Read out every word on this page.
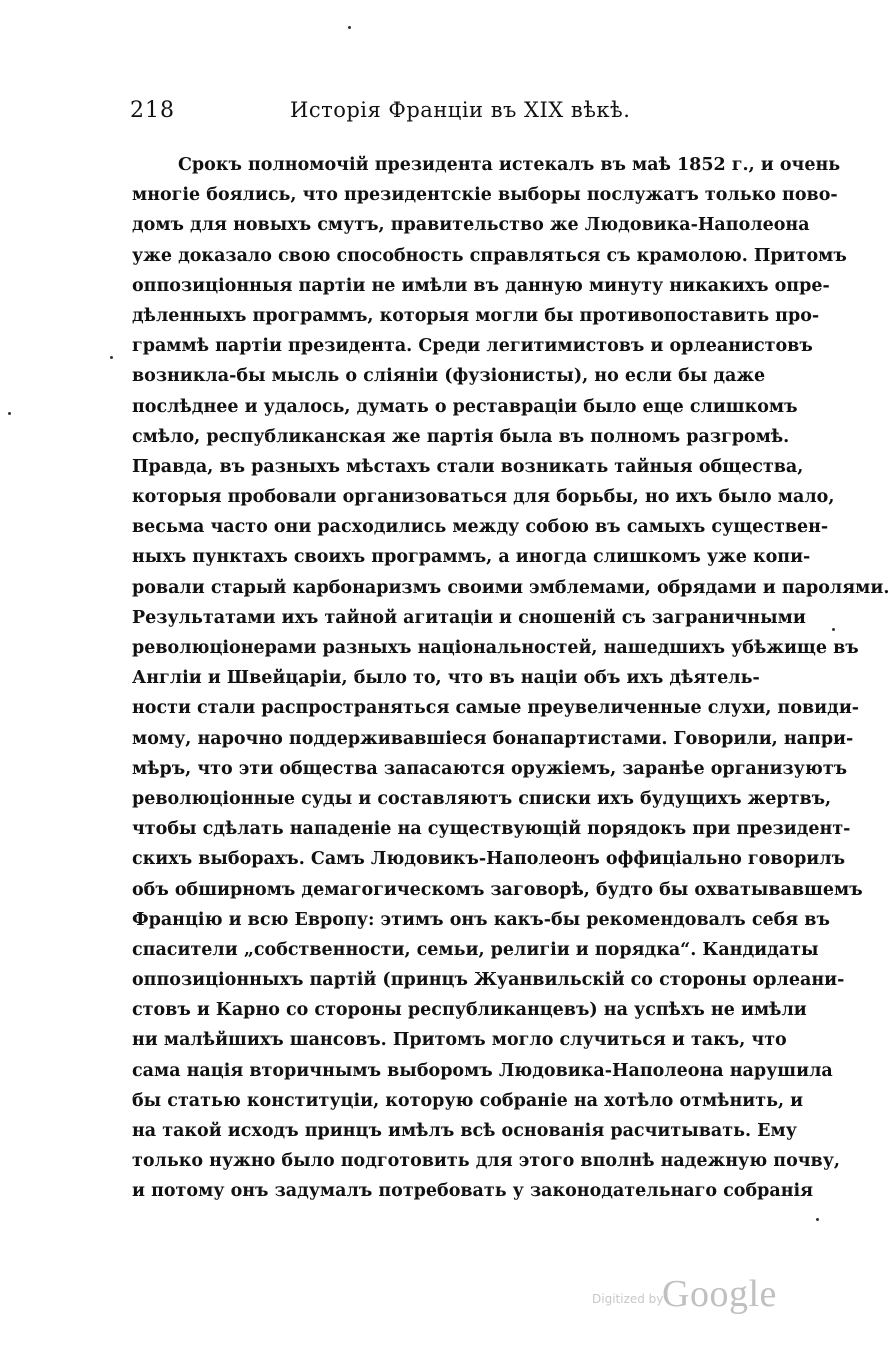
218	Исторія Франціи въ XIX вѣкѣ.
Срокъ полномочій президента истекалъ въ маѣ 1852 г., и очень
многіе боялись, что президентскіе выборы послужатъ только пово-
домъ для новыхъ смутъ, правительство же Людовика-Наполеона
уже доказало свою способность справляться съ крамолою. Притомъ
оппозиціонныя партіи не имѣли въ данную минуту никакихъ опре-
дѣленныхъ программъ, которыя могли бы противопоставить про-
граммѣ партіи президента. Среди легитимистовъ и орлеанистовъ
возникла-бы мысль о сліяніи (фузіонисты), но если бы даже
послѣднее и удалось, думать о реставраціи было еще слишкомъ
смѣло, республиканская же партія была въ полномъ разгромѣ.
Правда, въ разныхъ мѣстахъ стали возникать тайныя общества,
которыя пробовали организоваться для борьбы, но ихъ было мало,
весьма часто они расходились между собою въ самыхъ существен-
ныхъ пунктахъ своихъ программъ, а иногда слишкомъ уже копи-
ровали старый карбонаризмъ своими эмблемами, обрядами и паролями.
Результатами ихъ тайной агитаціи и сношеній съ заграничными
революціонерами разныхъ національностей, нашедшихъ убѣжище въ
Англіи и Швейцаріи, было то, что въ націи объ ихъ дѣятель-
ности стали распространяться самые преувеличенные слухи, повиди-
мому, нарочно поддерживавшіеся бонапартистами. Говорили, напри-
мѣръ, что эти общества запасаются оружіемъ, заранѣе организуютъ
революціонные суды и составляютъ списки ихъ будущихъ жертвъ,
чтобы сдѣлать нападеніе на существующій порядокъ при президент-
скихъ выборахъ. Самъ Людовикъ-Наполеонъ оффиціально говорилъ
объ обширномъ демагогическомъ заговорѣ, будто бы охватывавшемъ
Францію и всю Европу: этимъ онъ какъ-бы рекомендовалъ себя въ
спасители „собственности, семьи, религіи и порядка“. Кандидаты
оппозиціонныхъ партій (принцъ Жуанвильскій со стороны орлеани-
стовъ и Карно со стороны республиканцевъ) на успѣхъ не имѣли
ни малѣйшихъ шансовъ. Притомъ могло случиться и такъ, что
сама нація вторичнымъ выборомъ Людовика-Наполеона нарушила
бы статью конституціи, которую собраніе на хотѣло отмѣнить, и
на такой исходъ принцъ имѣлъ всѣ основанія расчитывать. Ему
только нужно было подготовить для этого вполнѣ надежную почву,
и потому онъ задумалъ потребовать у законодательнаго собранія
Digitized by
Google
